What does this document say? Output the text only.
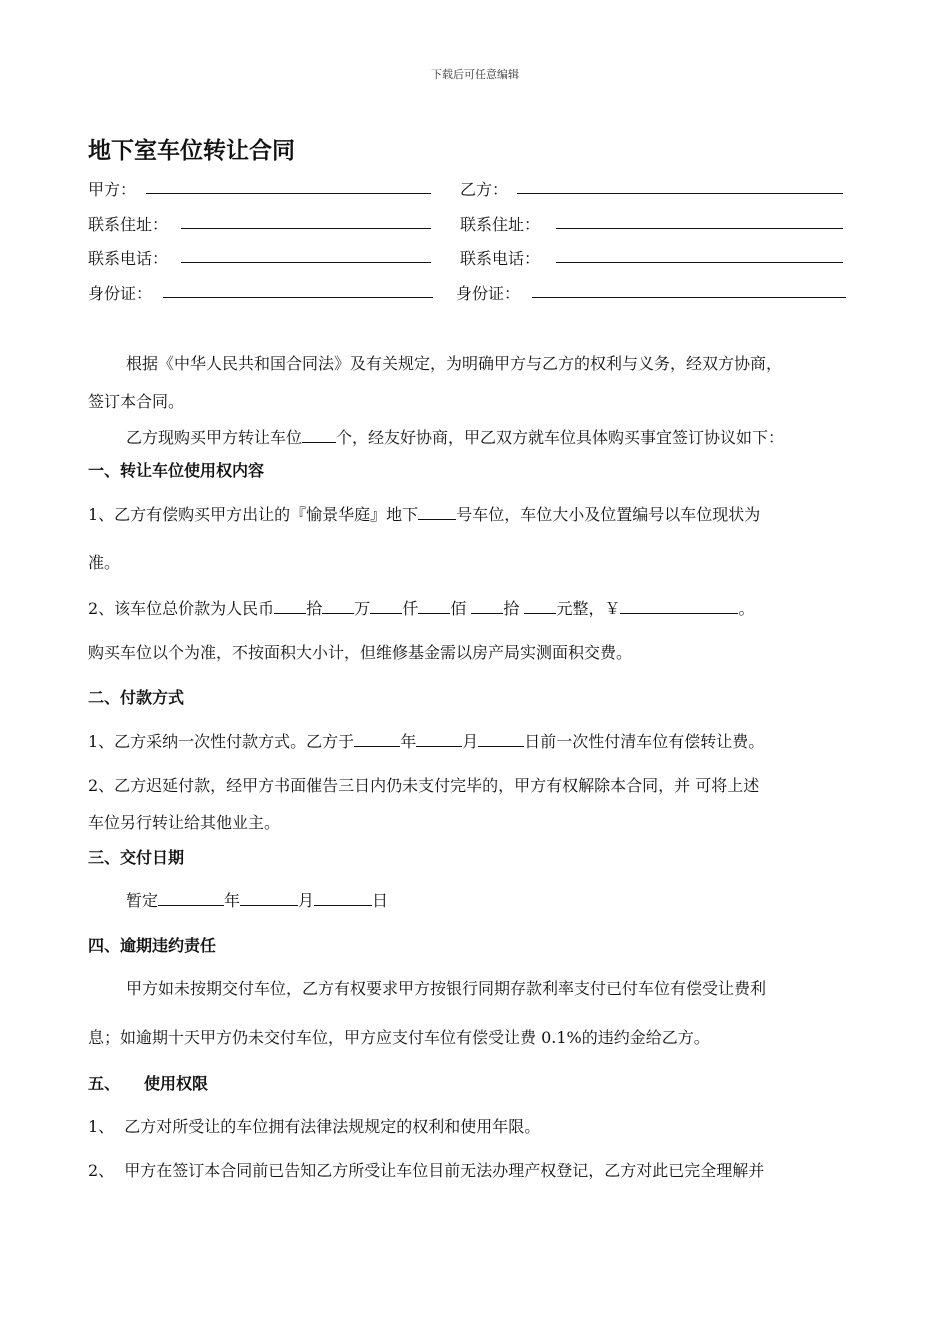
下载后可任意编辑
地下室车位转让合同
甲方：	乙方：
联系住址：	联系住址：
联系电话：	联系电话：
身份证：	身份证：
根据《中华人民共和国合同法》及有关规定，为明确甲方与乙方的权利与义务，经双方协商，
签订本合同。
乙方现购买甲方转让车位 个，经友好协商，甲乙双方就车位具体购买事宜签订协议如下：
一、转让车位使用权内容
1、乙方有偿购买甲方出让的『愉景华庭』地下 号车位，车位大小及位置编号以车位现状为
准。
2、该车位总价款为人民币 拾 万 仟 佰 拾 元整，￥	。
购买车位以个为准，不按面积大小计，但维修基金需以房产局实测面积交费。
二、付款方式
1、乙方采纳一次性付款方式。乙方于	年	月	日前一次性付清车位有偿转让费。
2、乙方迟延付款，经甲方书面催告三日内仍未支付完毕的，甲方有权解除本合同，并 可将上述
车位另行转让给其他业主。
三、交付日期
暂定	年	月	日
四、逾期违约责任
甲方如未按期交付车位，乙方有权要求甲方按银行同期存款利率支付已付车位有偿受让费利
息；如逾期十天甲方仍未交付车位，甲方应支付车位有偿受让费 0.1%的违约金给乙方。
五、 使用权限
1、 乙方对所受让的车位拥有法律法规规定的权利和使用年限。
2、 甲方在签订本合同前已告知乙方所受让车位目前无法办理产权登记，乙方对此已完全理解并
